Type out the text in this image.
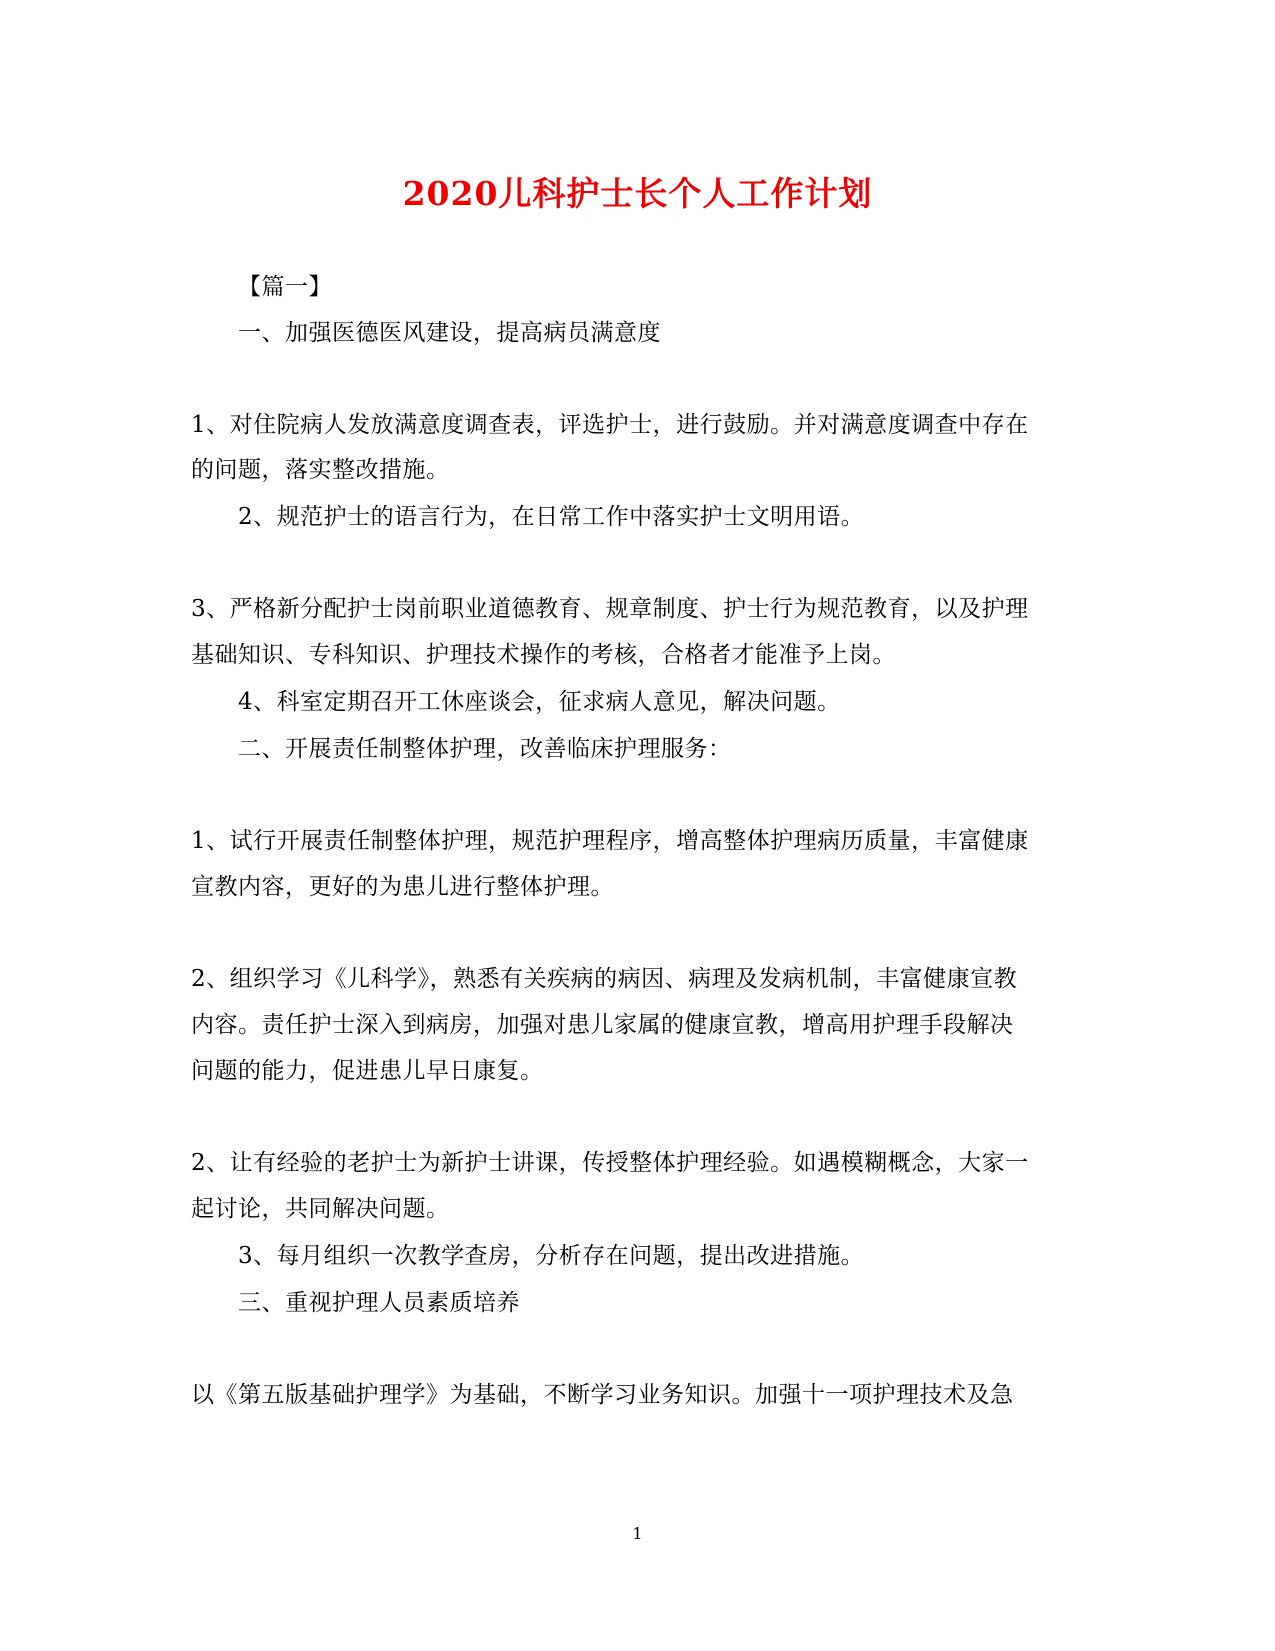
2020儿科护士长个人工作计划
【篇一】
一、加强医德医风建设，提高病员满意度
1、对住院病人发放满意度调查表，评选护士，进行鼓励。并对满意度调查中存在
的问题，落实整改措施。
2、规范护士的语言行为，在日常工作中落实护士文明用语。
3、严格新分配护士岗前职业道德教育、规章制度、护士行为规范教育，以及护理
基础知识、专科知识、护理技术操作的考核，合格者才能准予上岗。
4、科室定期召开工休座谈会，征求病人意见，解决问题。
二、开展责任制整体护理，改善临床护理服务：
1、试行开展责任制整体护理，规范护理程序，增高整体护理病历质量，丰富健康
宣教内容，更好的为患儿进行整体护理。
2、组织学习《儿科学》，熟悉有关疾病的病因、病理及发病机制，丰富健康宣教
内容。责任护士深入到病房，加强对患儿家属的健康宣教，增高用护理手段解决
问题的能力，促进患儿早日康复。
2、让有经验的老护士为新护士讲课，传授整体护理经验。如遇模糊概念，大家一
起讨论，共同解决问题。
3、每月组织一次教学查房，分析存在问题，提出改进措施。
三、重视护理人员素质培养
以《第五版基础护理学》为基础，不断学习业务知识。加强十一项护理技术及急
1
